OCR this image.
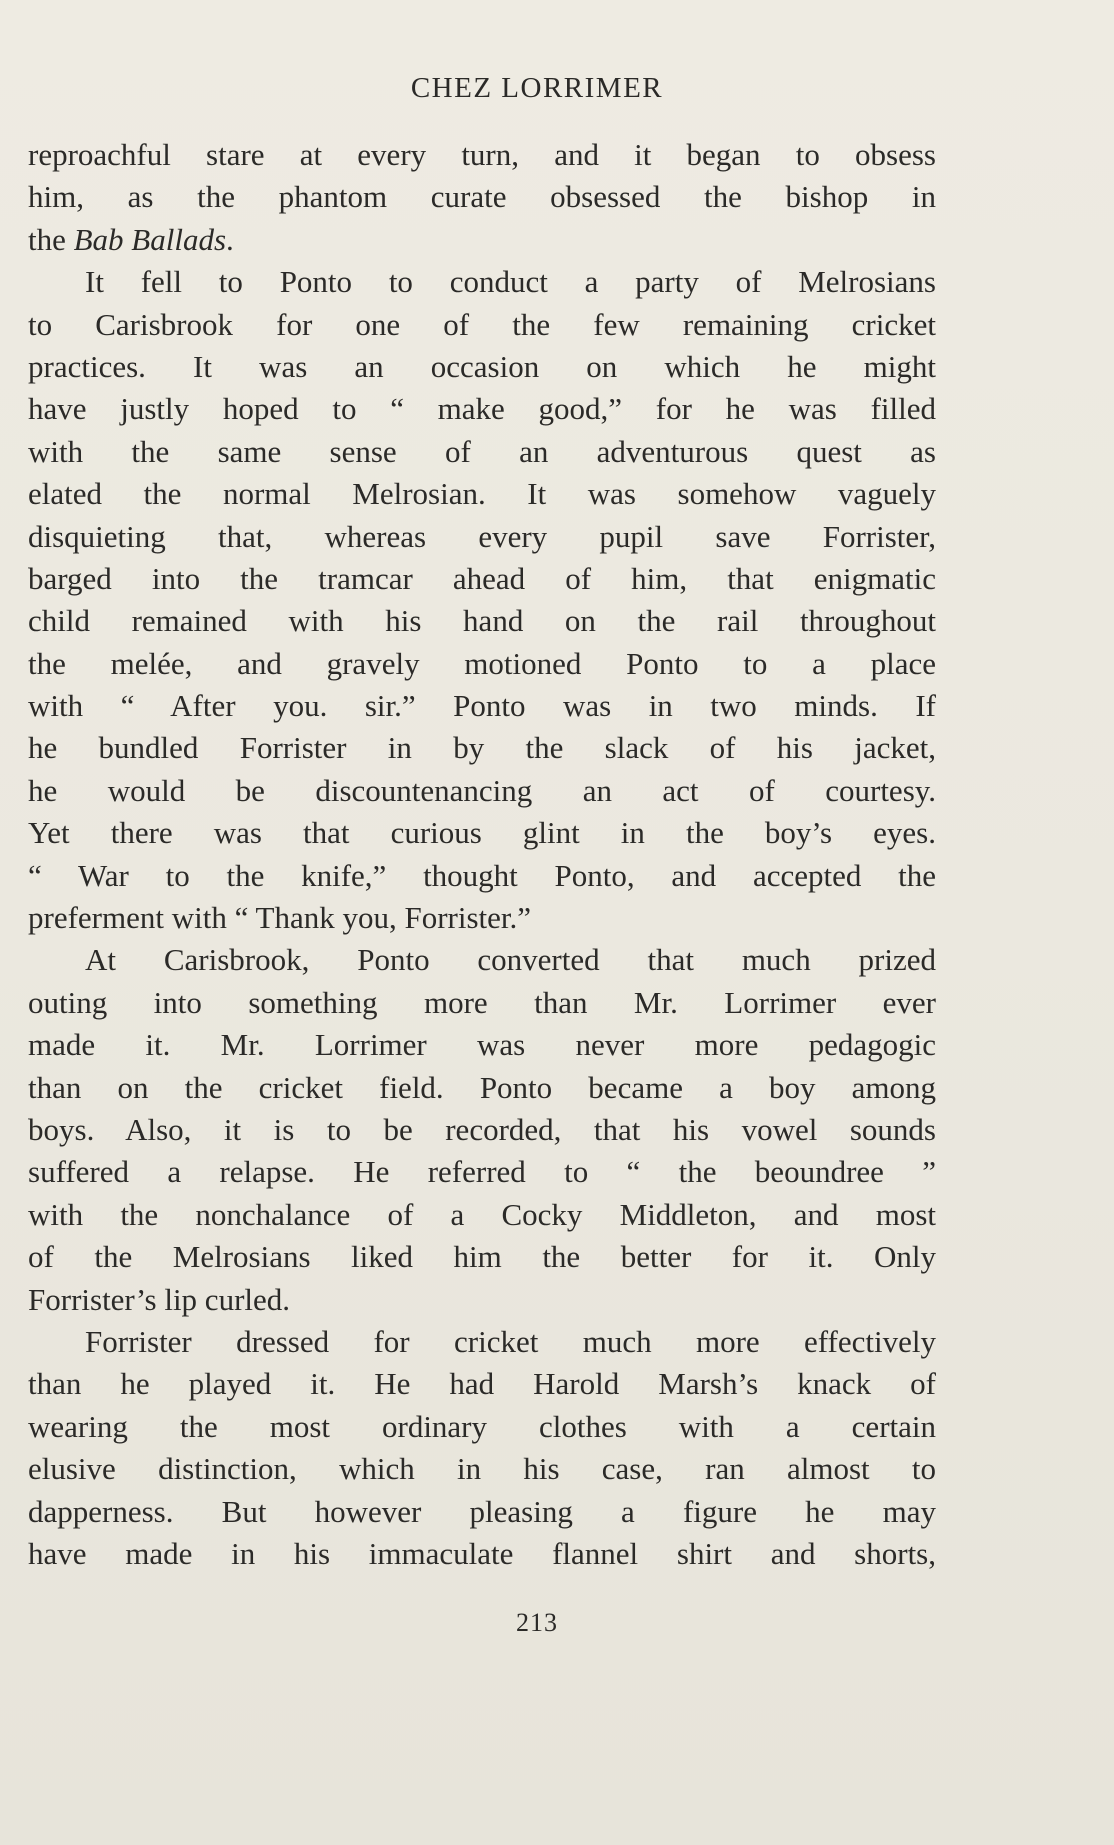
CHEZ LORRIMER
reproachful stare at every turn, and it began to obsess
him, as the phantom curate obsessed the bishop in
the Bab Ballads.
It fell to Ponto to conduct a party of Melrosians
to Carisbrook for one of the few remaining cricket
practices. It was an occasion on which he might
have justly hoped to “ make good,” for he was filled
with the same sense of an adventurous quest as
elated the normal Melrosian. It was somehow vaguely
disquieting that, whereas every pupil save Forrister,
barged into the tramcar ahead of him, that enigmatic
child remained with his hand on the rail throughout
the melée, and gravely motioned Ponto to a place
with “ After you. sir.” Ponto was in two minds. If
he bundled Forrister in by the slack of his jacket,
he would be discountenancing an act of courtesy.
Yet there was that curious glint in the boy’s eyes.
“ War to the knife,” thought Ponto, and accepted the
preferment with “ Thank you, Forrister.”
At Carisbrook, Ponto converted that much prized
outing into something more than Mr. Lorrimer ever
made it. Mr. Lorrimer was never more pedagogic
than on the cricket field. Ponto became a boy among
boys. Also, it is to be recorded, that his vowel sounds
suffered a relapse. He referred to “ the beoundree ”
with the nonchalance of a Cocky Middleton, and most
of the Melrosians liked him the better for it. Only
Forrister’s lip curled.
Forrister dressed for cricket much more effectively
than he played it. He had Harold Marsh’s knack of
wearing the most ordinary clothes with a certain
elusive distinction, which in his case, ran almost to
dapperness. But however pleasing a figure he may
have made in his immaculate flannel shirt and shorts,
213
